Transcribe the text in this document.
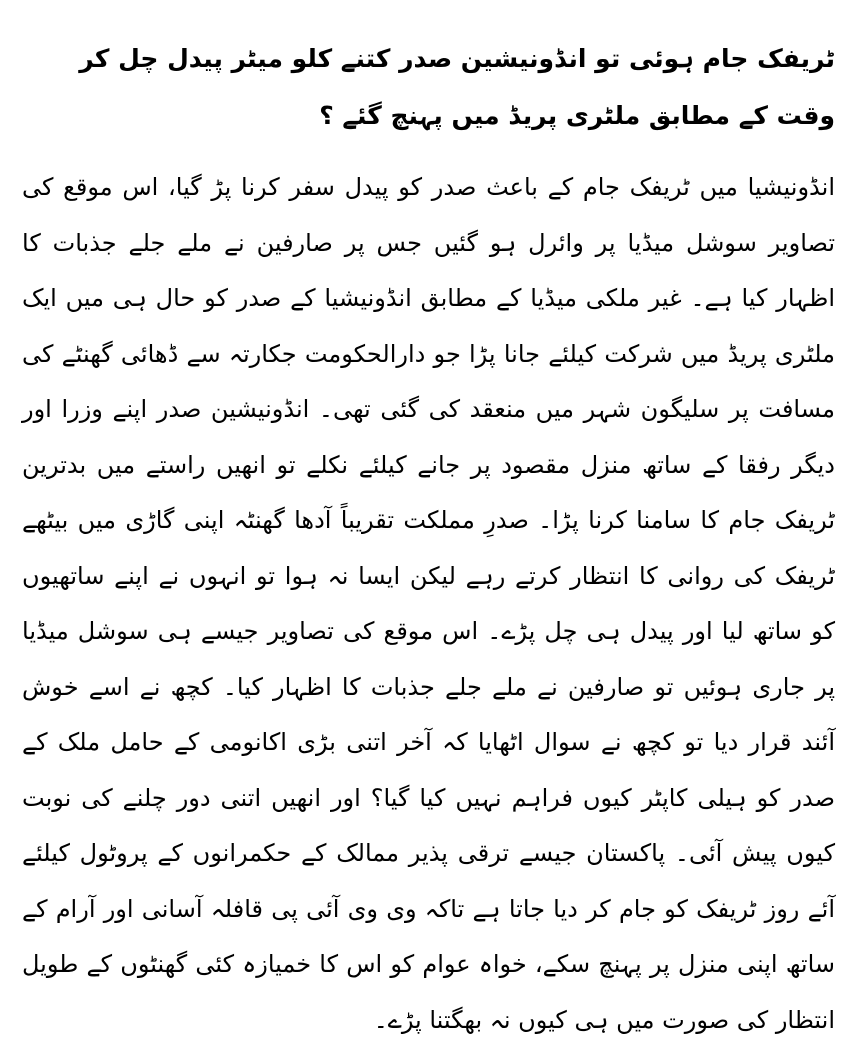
ٹریفک جام ہوئی تو انڈونیشین صدر کتنے کلو میٹر پیدل چل کر وقت کے مطابق ملٹری پریڈ میں پہنچ گئے ؟

انڈونیشیا میں ٹریفک جام کے باعث صدر کو پیدل سفر کرنا پڑ گیا، اس موقع کی تصاویر سوشل میڈیا پر وائرل ہو گئیں جس پر صارفین نے ملے جلے جذبات کا اظہار کیا ہے۔ غیر ملکی میڈیا کے مطابق انڈونیشیا کے صدر کو حال ہی میں ایک ملٹری پریڈ میں شرکت کیلئے جانا پڑا جو دارالحکومت جکارتہ سے ڈھائی گھنٹے کی مسافت پر سلیگون شہر میں منعقد کی گئی تھی۔ انڈونیشین صدر اپنے وزرا اور دیگر رفقا کے ساتھ منزل مقصود پر جانے کیلئے نکلے تو انھیں راستے میں بدترین ٹریفک جام کا سامنا کرنا پڑا۔ صدرِ مملکت تقریباً آدھا گھنٹہ اپنی گاڑی میں بیٹھے ٹریفک کی روانی کا انتظار کرتے رہے لیکن ایسا نہ ہوا تو انہوں نے اپنے ساتھیوں کو ساتھ لیا اور پیدل ہی چل پڑے۔ اس موقع کی تصاویر جیسے ہی سوشل میڈیا پر جاری ہوئیں تو صارفین نے ملے جلے جذبات کا اظہار کیا۔ کچھ نے اسے خوش آئند قرار دیا تو کچھ نے سوال اٹھایا کہ آخر اتنی بڑی اکانومی کے حامل ملک کے صدر کو ہیلی کاپٹر کیوں فراہم نہیں کیا گیا؟ اور انھیں اتنی دور چلنے کی نوبت کیوں پیش آئی۔ پاکستان جیسے ترقی پذیر ممالک کے حکمرانوں کے پروٹول کیلئے آئے روز ٹریفک کو جام کر دیا جاتا ہے تاکہ وی وی آئی پی قافلہ آسانی اور آرام کے ساتھ اپنی منزل پر پہنچ سکے، خواہ عوام کو اس کا خمیازہ کئی گھنٹوں کے طویل انتظار کی صورت میں ہی کیوں نہ بھگتنا پڑے۔
